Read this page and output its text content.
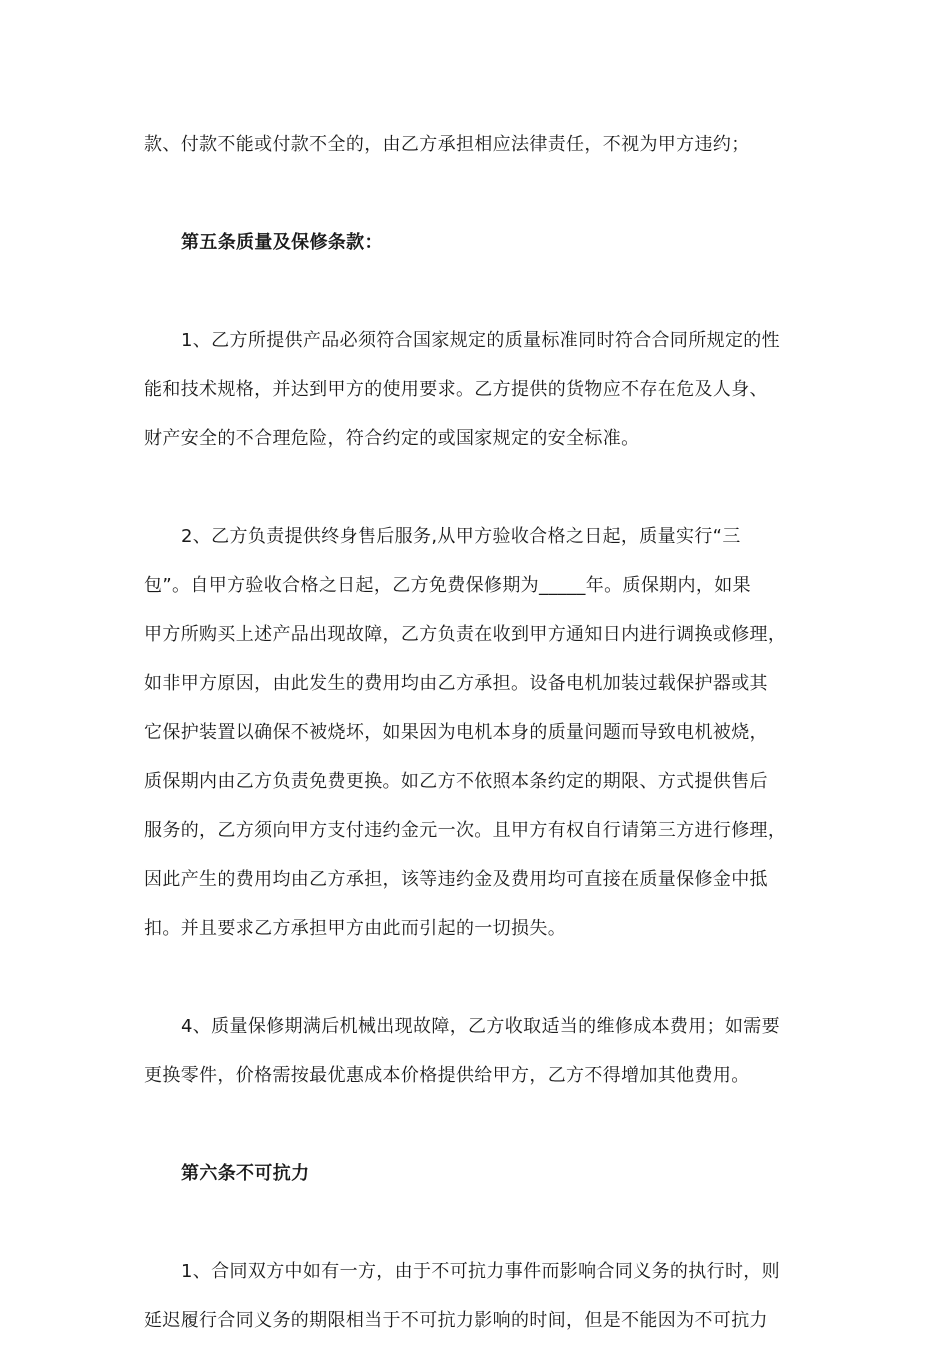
款、付款不能或付款不全的，由乙方承担相应法律责任，不视为甲方违约；
第五条质量及保修条款：
1、乙方所提供产品必须符合国家规定的质量标准同时符合合同所规定的性
能和技术规格，并达到甲方的使用要求。乙方提供的货物应不存在危及人身、
财产安全的不合理危险，符合约定的或国家规定的安全标准。
2、乙方负责提供终身售后服务,从甲方验收合格之日起，质量实行“三
包”。自甲方验收合格之日起，乙方免费保修期为_____年。质保期内，如果
甲方所购买上述产品出现故障，乙方负责在收到甲方通知日内进行调换或修理，
如非甲方原因，由此发生的费用均由乙方承担。设备电机加装过载保护器或其
它保护装置以确保不被烧坏，如果因为电机本身的质量问题而导致电机被烧，
质保期内由乙方负责免费更换。如乙方不依照本条约定的期限、方式提供售后
服务的，乙方须向甲方支付违约金元一次。且甲方有权自行请第三方进行修理，
因此产生的费用均由乙方承担，该等违约金及费用均可直接在质量保修金中抵
扣。并且要求乙方承担甲方由此而引起的一切损失。
4、质量保修期满后机械出现故障，乙方收取适当的维修成本费用；如需要
更换零件，价格需按最优惠成本价格提供给甲方，乙方不得增加其他费用。
第六条不可抗力
1、合同双方中如有一方，由于不可抗力事件而影响合同义务的执行时，则
延迟履行合同义务的期限相当于不可抗力影响的时间，但是不能因为不可抗力
